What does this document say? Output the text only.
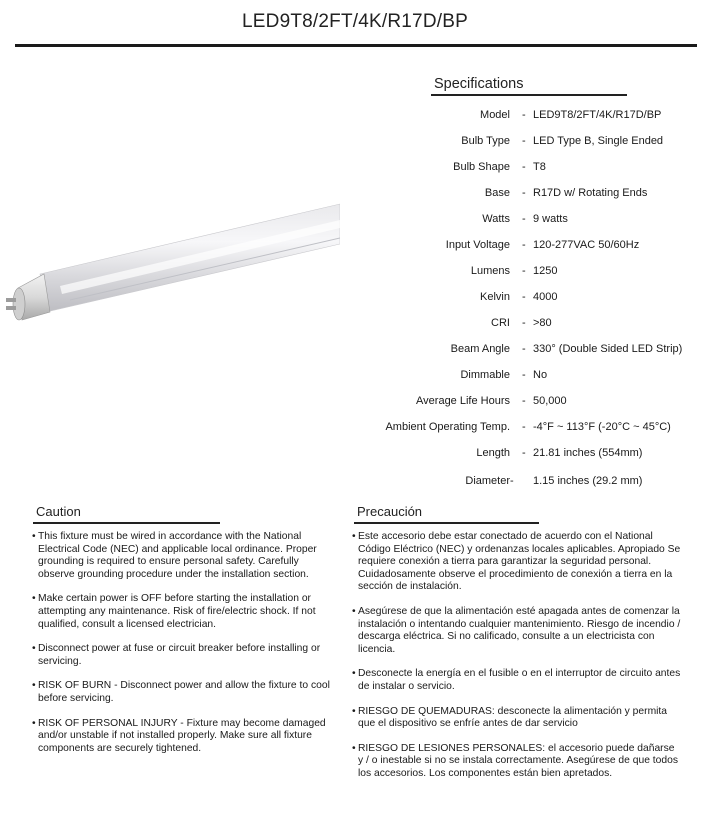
LED9T8/2FT/4K/R17D/BP
Specifications
Model - LED9T8/2FT/4K/R17D/BP
Bulb Type - LED Type B, Single Ended
Bulb Shape - T8
Base - R17D w/ Rotating Ends
Watts - 9 watts
Input Voltage - 120-277VAC 50/60Hz
Lumens - 1250
Kelvin - 4000
CRI - >80
Beam Angle - 330° (Double Sided LED Strip)
Dimmable - No
Average Life Hours - 50,000
Ambient Operating Temp. - -4°F ~ 113°F (-20°C ~ 45°C)
Length - 21.81 inches (554mm)
Diameter - 1.15 inches (29.2 mm)
Caution
• This fixture must be wired in accordance with the National Electrical Code (NEC) and applicable local ordinance. Proper grounding is required to ensure personal safety. Carefully observe grounding procedure under the installation section.
• Make certain power is OFF before starting the installation or attempting any maintenance. Risk of fire/electric shock. If not qualified, consult a licensed electrician.
• Disconnect power at fuse or circuit breaker before installing or servicing.
• RISK OF BURN - Disconnect power and allow the fixture to cool before servicing.
• RISK OF PERSONAL INJURY - Fixture may become damaged and/or unstable if not installed properly. Make sure all fixture components are securely tightened.
Precaución
• Este accesorio debe estar conectado de acuerdo con el National Código Eléctrico (NEC) y ordenanzas locales aplicables. Apropiado Se requiere conexión a tierra para garantizar la seguridad personal. Cuidadosamente observe el procedimiento de conexión a tierra en la sección de instalación.
• Asegúrese de que la alimentación esté apagada antes de comenzar la instalación o intentando cualquier mantenimiento. Riesgo de incendio / descarga eléctrica. Si no calificado, consulte a un electricista con licencia.
• Desconecte la energía en el fusible o en el interruptor de circuito antes de instalar o servicio.
• RIESGO DE QUEMADURAS: desconecte la alimentación y permita que el dispositivo se enfríe antes de dar servicio
• RIESGO DE LESIONES PERSONALES: el accesorio puede dañarse y / o inestable si no se instala correctamente. Asegúrese de que todos los accesorios. Los componentes están bien apretados.
